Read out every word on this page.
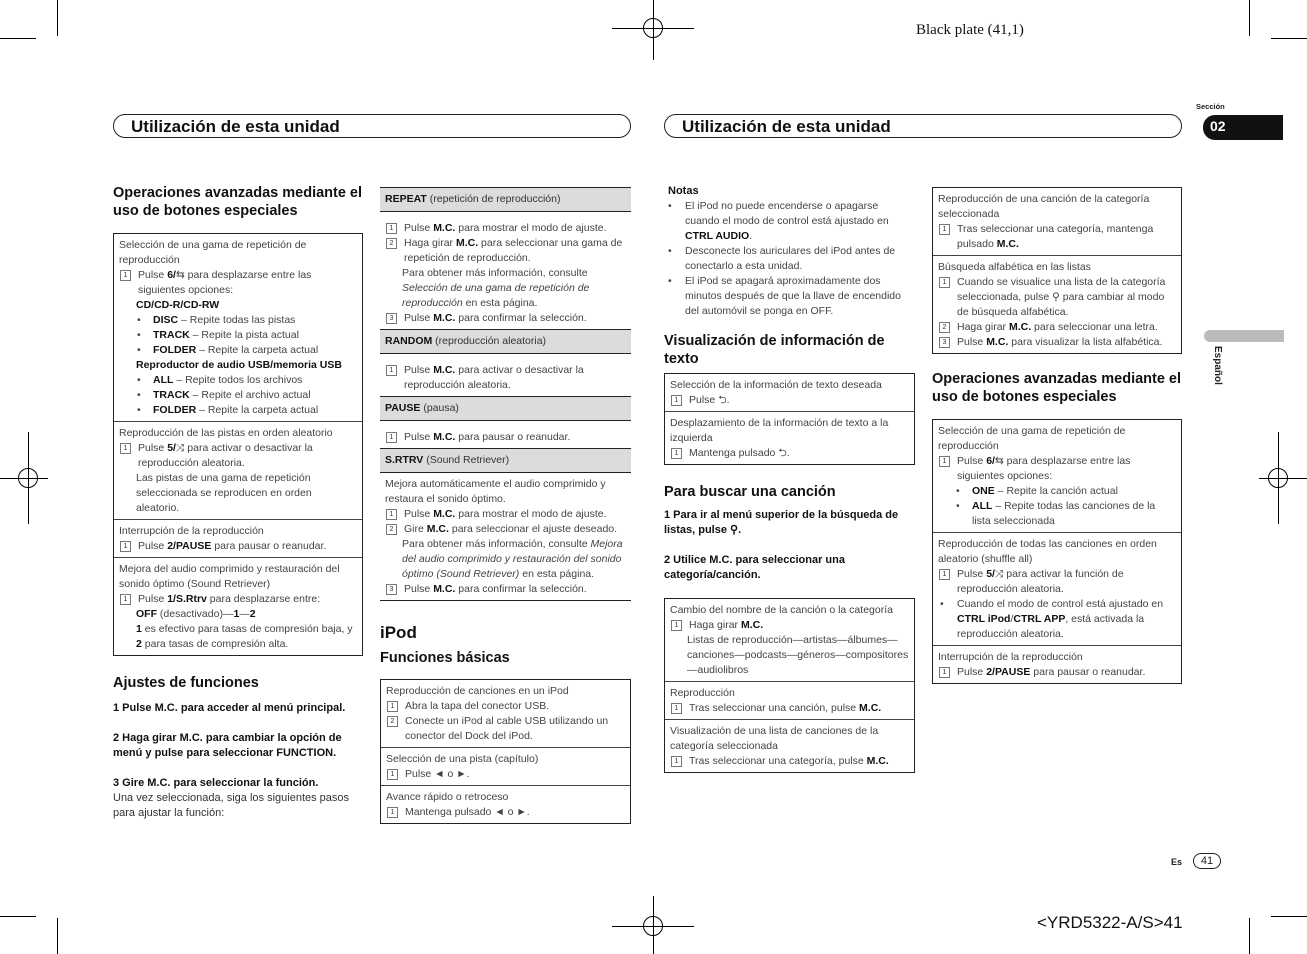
Black plate (41,1)
<YRD5322-A/S>41
Sección
02
Español
Utilización de esta unidad	Utilización de esta unidad
Es	41
Operaciones avanzadas mediante el uso de botones especiales
Selección de una gama de repetición de reproducción
1	Pulse 6/⇆ para desplazarse entre las siguientes opciones:
CD/CD-R/CD-RW
•	DISC – Repite todas las pistas
•	TRACK – Repite la pista actual
•	FOLDER – Repite la carpeta actual
Reproductor de audio USB/memoria USB
•	ALL – Repite todos los archivos
•	TRACK – Repite el archivo actual
•	FOLDER – Repite la carpeta actual
Reproducción de las pistas en orden aleatorio
1	Pulse 5/⤨ para activar o desactivar la reproducción aleatoria.
Las pistas de una gama de repetición seleccionada se reproducen en orden aleatorio.
Interrupción de la reproducción
1	Pulse 2/PAUSE para pausar o reanudar.
Mejora del audio comprimido y restauración del sonido óptimo (Sound Retriever)
1	Pulse 1/S.Rtrv para desplazarse entre:
OFF (desactivado)—1—2
1 es efectivo para tasas de compresión baja, y 2 para tasas de compresión alta.
Ajustes de funciones

1 Pulse M.C. para acceder al menú principal.

2 Haga girar M.C. para cambiar la opción de menú y pulse para seleccionar FUNCTION.

3 Gire M.C. para seleccionar la función.

Una vez seleccionada, siga los siguientes pasos para ajustar la función:
REPEAT (repetición de reproducción)
1	Pulse M.C. para mostrar el modo de ajuste.
2	Haga girar M.C. para seleccionar una gama de repetición de reproducción.
Para obtener más información, consulte Selección de una gama de repetición de reproducción en esta página.
3	Pulse M.C. para confirmar la selección.
RANDOM (reproducción aleatoria)
1	Pulse M.C. para activar o desactivar la reproducción aleatoria.
PAUSE (pausa)
1	Pulse M.C. para pausar o reanudar.
S.RTRV (Sound Retriever)
Mejora automáticamente el audio comprimido y restaura el sonido óptimo.
1	Pulse M.C. para mostrar el modo de ajuste.
2	Gire M.C. para seleccionar el ajuste deseado.
Para obtener más información, consulte Mejora del audio comprimido y restauración del sonido óptimo (Sound Retriever) en esta página.
3	Pulse M.C. para confirmar la selección.
iPod
Funciones básicas
Reproducción de canciones en un iPod
1	Abra la tapa del conector USB.
2	Conecte un iPod al cable USB utilizando un conector del Dock del iPod.
Selección de una pista (capítulo)
1	Pulse ◄ o ►.
Avance rápido o retroceso
1	Mantenga pulsado ◄ o ►.
Notas
•	El iPod no puede encenderse o apagarse cuando el modo de control está ajustado en CTRL AUDIO.
•	Desconecte los auriculares del iPod antes de conectarlo a esta unidad.
•	El iPod se apagará aproximadamente dos minutos después de que la llave de encendido del automóvil se ponga en OFF.
Visualización de información de texto
Selección de la información de texto deseada
1	Pulse ⮌.
Desplazamiento de la información de texto a la izquierda
1	Mantenga pulsado ⮌.
Para buscar una canción

1 Para ir al menú superior de la búsqueda de listas, pulse ⚲.

2 Utilice M.C. para seleccionar una categoría/canción.

Cambio del nombre de la canción o la categoría
1	Haga girar M.C.
Listas de reproducción—artistas—álbumes—canciones—podcasts—géneros—compositores—audiolibros
Reproducción
1	Tras seleccionar una canción, pulse M.C.
Visualización de una lista de canciones de la categoría seleccionada
1	Tras seleccionar una categoría, pulse M.C.
Reproducción de una canción de la categoría seleccionada
1	Tras seleccionar una categoría, mantenga pulsado M.C.
Búsqueda alfabética en las listas
1	Cuando se visualice una lista de la categoría seleccionada, pulse ⚲ para cambiar al modo de búsqueda alfabética.
2	Haga girar M.C. para seleccionar una letra.
3	Pulse M.C. para visualizar la lista alfabética.
Operaciones avanzadas mediante el uso de botones especiales
Selección de una gama de repetición de reproducción
1	Pulse 6/⇆ para desplazarse entre las siguientes opciones:
•	ONE – Repite la canción actual
•	ALL – Repite todas las canciones de la lista seleccionada
Reproducción de todas las canciones en orden aleatorio (shuffle all)
1	Pulse 5/⤨ para activar la función de reproducción aleatoria.
•	Cuando el modo de control está ajustado en CTRL iPod/CTRL APP, está activada la reproducción aleatoria.
Interrupción de la reproducción
1	Pulse 2/PAUSE para pausar o reanudar.
